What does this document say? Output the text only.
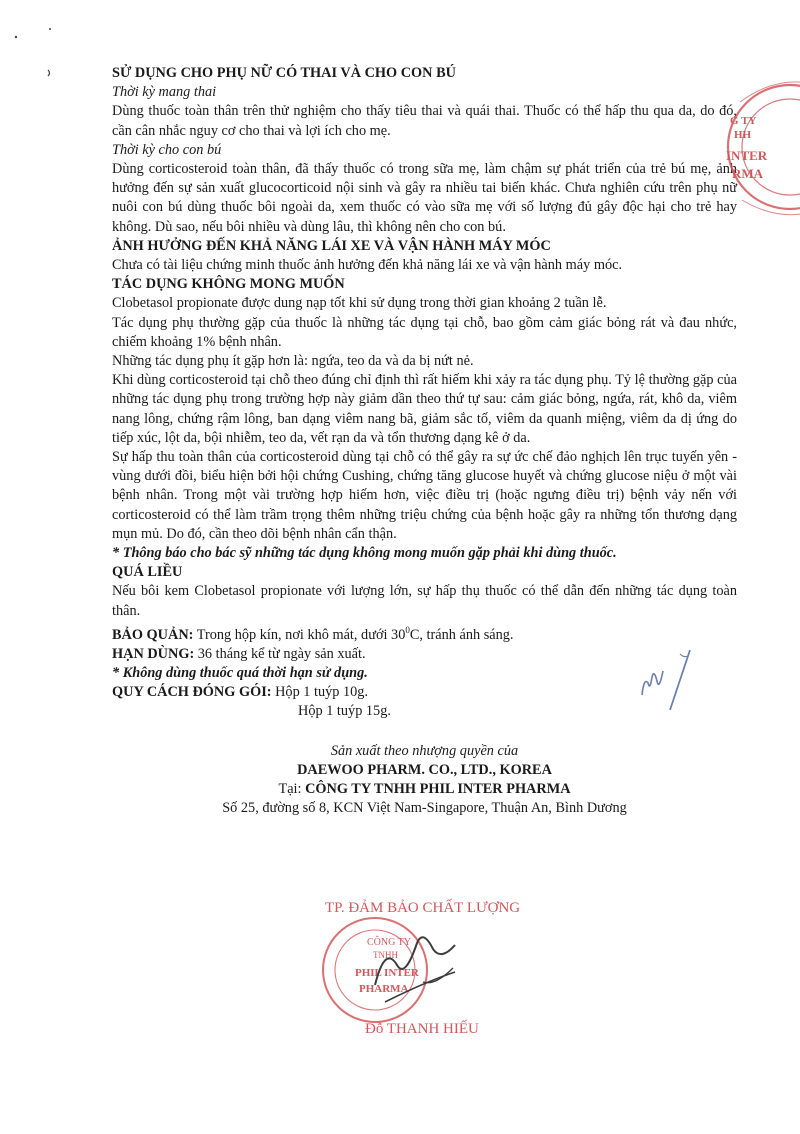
SỬ DỤNG CHO PHỤ NỮ CÓ THAI VÀ CHO CON BÚ
Thời kỳ mang thai

Dùng thuốc toàn thân trên thử nghiệm cho thấy tiêu thai và quái thai. Thuốc có thể hấp thu qua da, do đó, cần cân nhắc nguy cơ cho thai và lợi ích cho mẹ.

Thời kỳ cho con bú

Dùng corticosteroid toàn thân, đã thấy thuốc có trong sữa mẹ, làm chậm sự phát triển của trẻ bú mẹ, ảnh hưởng đến sự sản xuất glucocorticoid nội sinh và gây ra nhiều tai biến khác. Chưa nghiên cứu trên phụ nữ nuôi con bú dùng thuốc bôi ngoài da, xem thuốc có vào sữa mẹ với số lượng đủ gây độc hại cho trẻ hay không. Dù sao, nếu bôi nhiều và dùng lâu, thì không nên cho con bú.

ẢNH HƯỞNG ĐẾN KHẢ NĂNG LÁI XE VÀ VẬN HÀNH MÁY MÓC

Chưa có tài liệu chứng minh thuốc ảnh hưởng đến khả năng lái xe và vận hành máy móc.

TÁC DỤNG KHÔNG MONG MUỐN

Clobetasol propionate được dung nạp tốt khi sử dụng trong thời gian khoảng 2 tuần lễ.

Tác dụng phụ thường gặp của thuốc là những tác dụng tại chỗ, bao gồm cảm giác bỏng rát và đau nhức, chiếm khoảng 1% bệnh nhân.

Những tác dụng phụ ít gặp hơn là: ngứa, teo da và da bị nứt nẻ.

Khi dùng corticosteroid tại chỗ theo đúng chỉ định thì rất hiếm khi xảy ra tác dụng phụ. Tỷ lệ thường gặp của những tác dụng phụ trong trường hợp này giảm dần theo thứ tự sau: cảm giác bỏng, ngứa, rát, khô da, viêm nang lông, chứng rậm lông, ban dạng viêm nang bã, giảm sắc tố, viêm da quanh miệng, viêm da dị ứng do tiếp xúc, lột da, bội nhiễm, teo da, vết rạn da và tổn thương dạng kê ở da.

Sự hấp thu toàn thân của corticosteroid dùng tại chỗ có thể gây ra sự ức chế đảo nghịch lên trục tuyến yên - vùng dưới đồi, biểu hiện bởi hội chứng Cushing, chứng tăng glucose huyết và chứng glucose niệu ở một vài bệnh nhân. Trong một vài trường hợp hiếm hơn, việc điều trị (hoặc ngưng điều trị) bệnh vảy nến với corticosteroid có thể làm trầm trọng thêm những triệu chứng của bệnh hoặc gây ra những tổn thương dạng mụn mủ. Do đó, cần theo dõi bệnh nhân cẩn thận.

* Thông báo cho bác sỹ những tác dụng không mong muốn gặp phải khi dùng thuốc.
QUÁ LIỀU

Nếu bôi kem Clobetasol propionate với lượng lớn, sự hấp thụ thuốc có thể dẫn đến những tác dụng toàn thân.

BẢO QUẢN: Trong hộp kín, nơi khô mát, dưới $30^0C$, tránh ánh sáng.
HẠN DÙNG: 36 tháng kể từ ngày sản xuất.
* Không dùng thuốc quá thời hạn sử dụng.
QUY CÁCH ĐÓNG GÓI: Hộp 1 tuýp 10g.
Hộp 1 tuýp 15g.
Sản xuất theo nhượng quyền của
DAEWOO PHARM. CO., LTD., KOREA
Tại: CÔNG TY TNHH PHIL INTER PHARMA
Số 25, đường số 8, KCN Việt Nam-Singapore, Thuận An, Bình Dương
G TY
HH
INTER
RMA
TP. ĐẢM BẢO CHẤT LƯỢNG
CÔNG TY
TNHH
PHIL INTER
PHARMA
Đỗ THANH HIẾU
